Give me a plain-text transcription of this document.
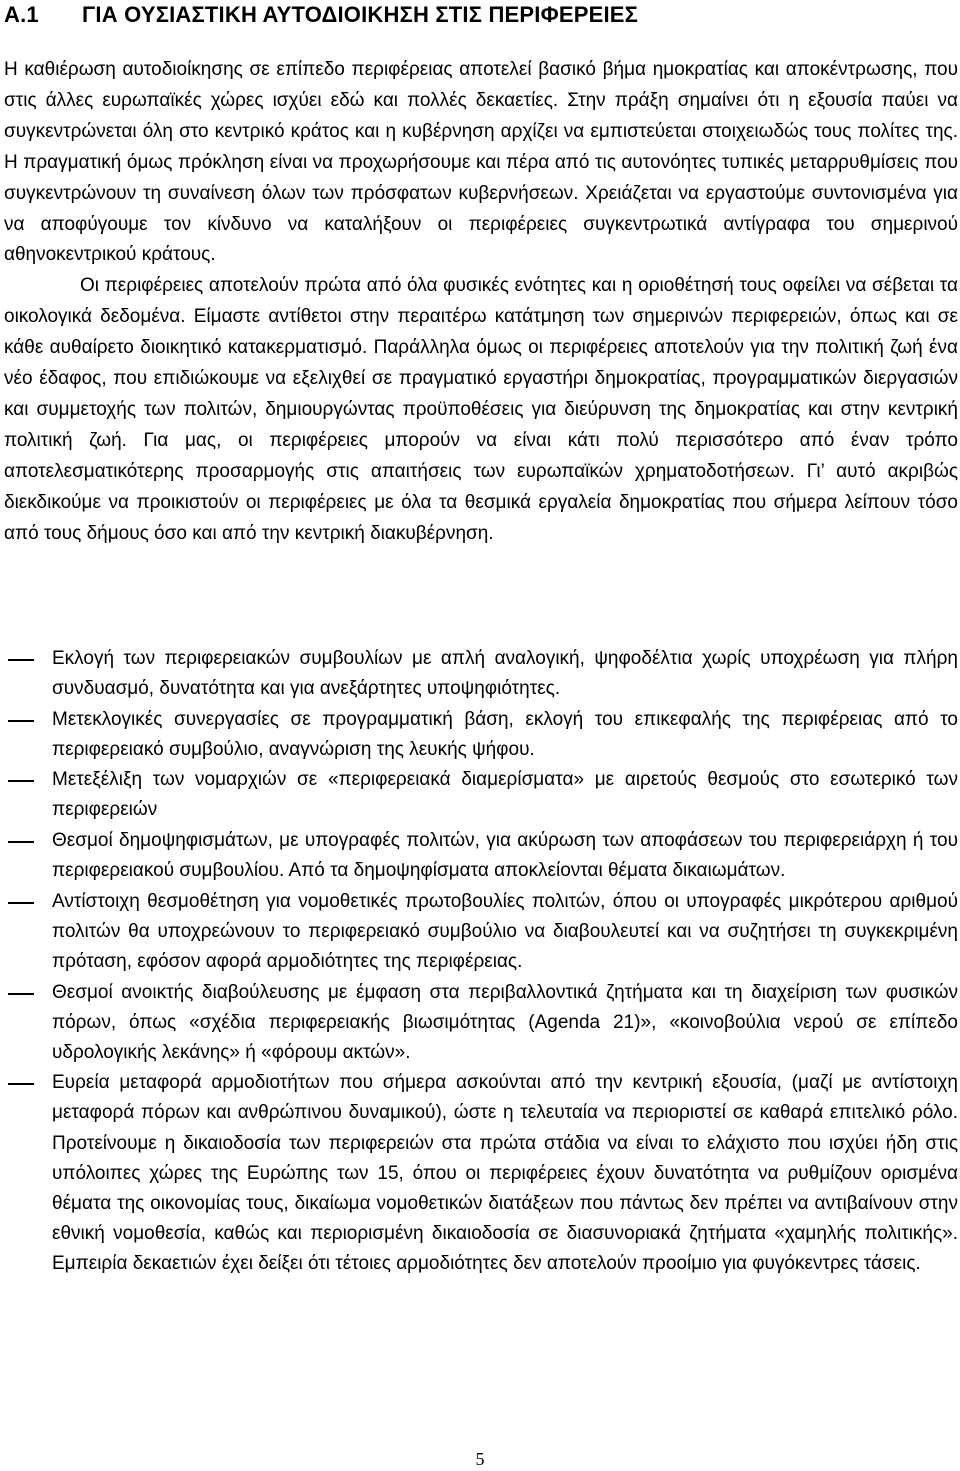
A.1 ΓΙΑ ΟΥΣΙΑΣΤΙΚΗ ΑΥΤΟΔΙΟΙΚΗΣΗ ΣΤΙΣ ΠΕΡΙΦΕΡΕΙΕΣ

Η καθιέρωση αυτοδιοίκησης σε επίπεδο περιφέρειας αποτελεί βασικό βήμα ημοκρατίας και αποκέντρωσης, που στις άλλες ευρωπαϊκές χώρες ισχύει εδώ και πολλές δεκαετίες. Στην πράξη σημαίνει ότι η εξουσία παύει να συγκεντρώνεται όλη στο κεντρικό κράτος και η κυβέρνηση αρχίζει να εμπιστεύεται στοιχειωδώς τους πολίτες της. Η πραγματική όμως πρόκληση είναι να προχωρήσουμε και πέρα από τις αυτονόητες τυπικές μεταρρυθμίσεις που συγκεντρώνουν τη συναίνεση όλων των πρόσφατων κυβερνήσεων. Χρειάζεται να εργαστούμε συντονισμένα για να αποφύγουμε τον κίνδυνο να καταλήξουν οι περιφέρειες συγκεντρωτικά αντίγραφα του σημερινού αθηνοκεντρικού κράτους.

Οι περιφέρειες αποτελούν πρώτα από όλα φυσικές ενότητες και η οριοθέτησή τους οφείλει να σέβεται τα οικολογικά δεδομένα. Είμαστε αντίθετοι στην περαιτέρω κατάτμηση των σημερινών περιφερειών, όπως και σε κάθε αυθαίρετο διοικητικό κατακερματισμό. Παράλληλα όμως οι περιφέρειες αποτελούν για την πολιτική ζωή ένα νέο έδαφος, που επιδιώκουμε να εξελιχθεί σε πραγματικό εργαστήρι δημοκρατίας, προγραμματικών διεργασιών και συμμετοχής των πολιτών, δημιουργώντας προϋποθέσεις για διεύρυνση της δημοκρατίας και στην κεντρική πολιτική ζωή. Για μας, οι περιφέρειες μπορούν να είναι κάτι πολύ περισσότερο από έναν τρόπο αποτελεσματικότερης προσαρμογής στις απαιτήσεις των ευρωπαϊκών χρηματοδοτήσεων. Γι’ αυτό ακριβώς διεκδικούμε να προικιστούν οι περιφέρειες με όλα τα θεσμικά εργαλεία δημοκρατίας που σήμερα λείπουν τόσο από τους δήμους όσο και από την κεντρική διακυβέρνηση.

Εκλογή των περιφερειακών συμβουλίων με απλή αναλογική, ψηφοδέλτια χωρίς υποχρέωση για πλήρη συνδυασμό, δυνατότητα και για ανεξάρτητες υποψηφιότητες.
Μετεκλογικές συνεργασίες σε προγραμματική βάση, εκλογή του επικεφαλής της περιφέρειας από το περιφερειακό συμβούλιο, αναγνώριση της λευκής ψήφου.
Μετεξέλιξη των νομαρχιών σε «περιφερειακά διαμερίσματα» με αιρετούς θεσμούς στο εσωτερικό των περιφερειών
Θεσμοί δημοψηφισμάτων, με υπογραφές πολιτών, για ακύρωση των αποφάσεων του περιφερειάρχη ή του περιφερειακού συμβουλίου. Από τα δημοψηφίσματα αποκλείονται θέματα δικαιωμάτων.
Αντίστοιχη θεσμοθέτηση για νομοθετικές πρωτοβουλίες πολιτών, όπου οι υπογραφές μικρότερου αριθμού πολιτών θα υποχρεώνουν το περιφερειακό συμβούλιο να διαβουλευτεί και να συζητήσει τη συγκεκριμένη πρόταση, εφόσον αφορά αρμοδιότητες της περιφέρειας.
Θεσμοί ανοικτής διαβούλευσης με έμφαση στα περιβαλλοντικά ζητήματα και τη διαχείριση των φυσικών πόρων, όπως «σχέδια περιφερειακής βιωσιμότητας (Agenda 21)», «κοινοβούλια νερού σε επίπεδο υδρολογικής λεκάνης» ή «φόρουμ ακτών».
Ευρεία μεταφορά αρμοδιοτήτων που σήμερα ασκούνται από την κεντρική εξουσία, (μαζί με αντίστοιχη μεταφορά πόρων και ανθρώπινου δυναμικού), ώστε η τελευταία να περιοριστεί σε καθαρά επιτελικό ρόλο. Προτείνουμε η δικαιοδοσία των περιφερειών στα πρώτα στάδια να είναι το ελάχιστο που ισχύει ήδη στις υπόλοιπες χώρες της Ευρώπης των 15, όπου οι περιφέρειες έχουν δυνατότητα να ρυθμίζουν ορισμένα θέματα της οικονομίας τους, δικαίωμα νομοθετικών διατάξεων που πάντως δεν πρέπει να αντιβαίνουν στην εθνική νομοθεσία, καθώς και περιορισμένη δικαιοδοσία σε διασυνοριακά ζητήματα «χαμηλής πολιτικής». Εμπειρία δεκαετιών έχει δείξει ότι τέτοιες αρμοδιότητες δεν αποτελούν προοίμιο για φυγόκεντρες τάσεις.
5
